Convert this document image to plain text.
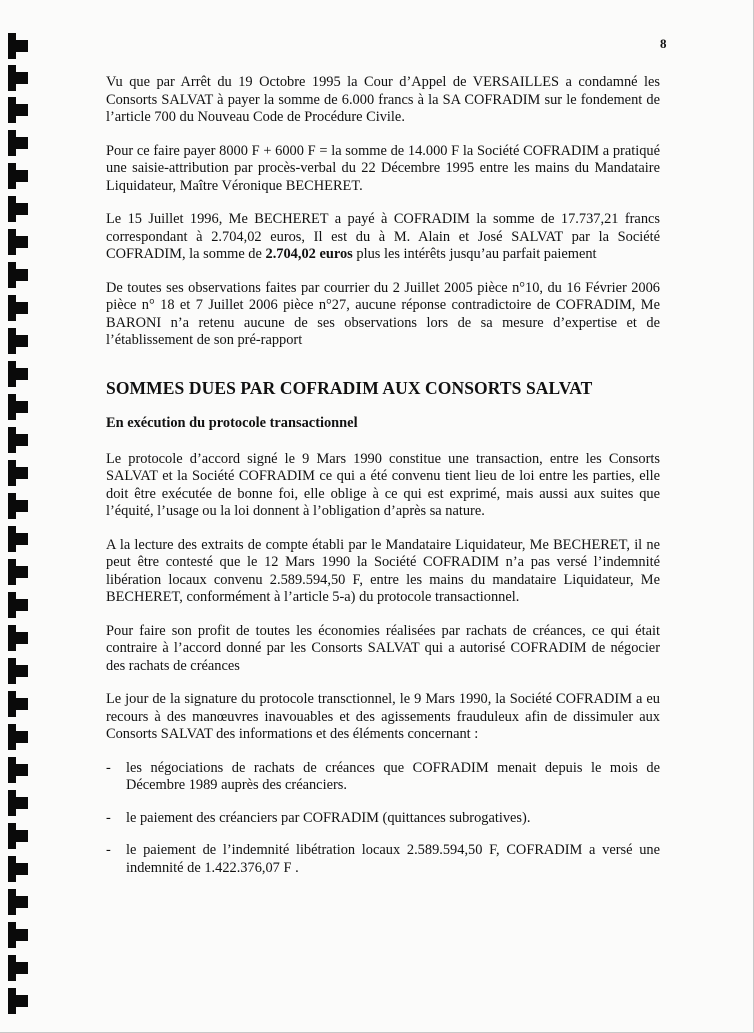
8

Vu que par Arrêt du 19 Octobre 1995 la Cour d’Appel de VERSAILLES a condamné les Consorts SALVAT à payer la somme de 6.000 francs à la SA COFRADIM sur le fondement de l’article 700 du Nouveau Code de Procédure Civile.

Pour ce faire payer 8000 F + 6000 F = la somme de 14.000 F la Société COFRADIM a pratiqué une saisie-attribution par procès-verbal du 22 Décembre 1995 entre les mains du Mandataire Liquidateur, Maître Véronique BECHERET.

Le 15 Juillet 1996, Me BECHERET a payé à COFRADIM la somme de 17.737,21 francs correspondant à 2.704,02 euros, Il est du à M. Alain et José SALVAT par la Société COFRADIM, la somme de 2.704,02 euros plus les intérêts jusqu’au parfait paiement

De toutes ses observations faites par courrier du 2 Juillet 2005 pièce n°10, du 16 Février 2006 pièce n° 18 et 7 Juillet 2006 pièce n°27, aucune réponse contradictoire de COFRADIM, Me BARONI n’a retenu aucune de ses observations lors de sa mesure d’expertise et de l’établissement de son pré-rapport

SOMMES DUES PAR COFRADIM AUX CONSORTS SALVAT
En exécution du protocole transactionnel

Le protocole d’accord signé le 9 Mars 1990 constitue une transaction, entre les Consorts SALVAT et la Société COFRADIM ce qui a été convenu tient lieu de loi entre les parties, elle doit être exécutée de bonne foi, elle oblige à ce qui est exprimé, mais aussi aux suites que l’équité, l’usage ou la loi donnent à l’obligation d’après sa nature.

A la lecture des extraits de compte établi par le Mandataire Liquidateur, Me BECHERET, il ne peut être contesté que le 12 Mars 1990 la Société COFRADIM n’a pas versé l’indemnité libération locaux convenu 2.589.594,50 F, entre les mains du mandataire Liquidateur, Me BECHERET, conformément à l’article 5-a) du protocole transactionnel.

Pour faire son profit de toutes les économies réalisées par rachats de créances, ce qui était contraire à l’accord donné par les Consorts SALVAT qui a autorisé COFRADIM de négocier des rachats de créances

Le jour de la signature du protocole transctionnel, le 9 Mars 1990, la Société COFRADIM a eu recours à des manœuvres inavouables et des agissements frauduleux afin de dissimuler aux Consorts SALVAT des informations et des éléments concernant :

- les négociations de rachats de créances que COFRADIM menait depuis le mois de Décembre 1989 auprès des créanciers.
- le paiement des créanciers par COFRADIM (quittances subrogatives).
- le paiement de l’indemnité libétration locaux 2.589.594,50 F, COFRADIM a versé une indemnité de 1.422.376,07 F .
